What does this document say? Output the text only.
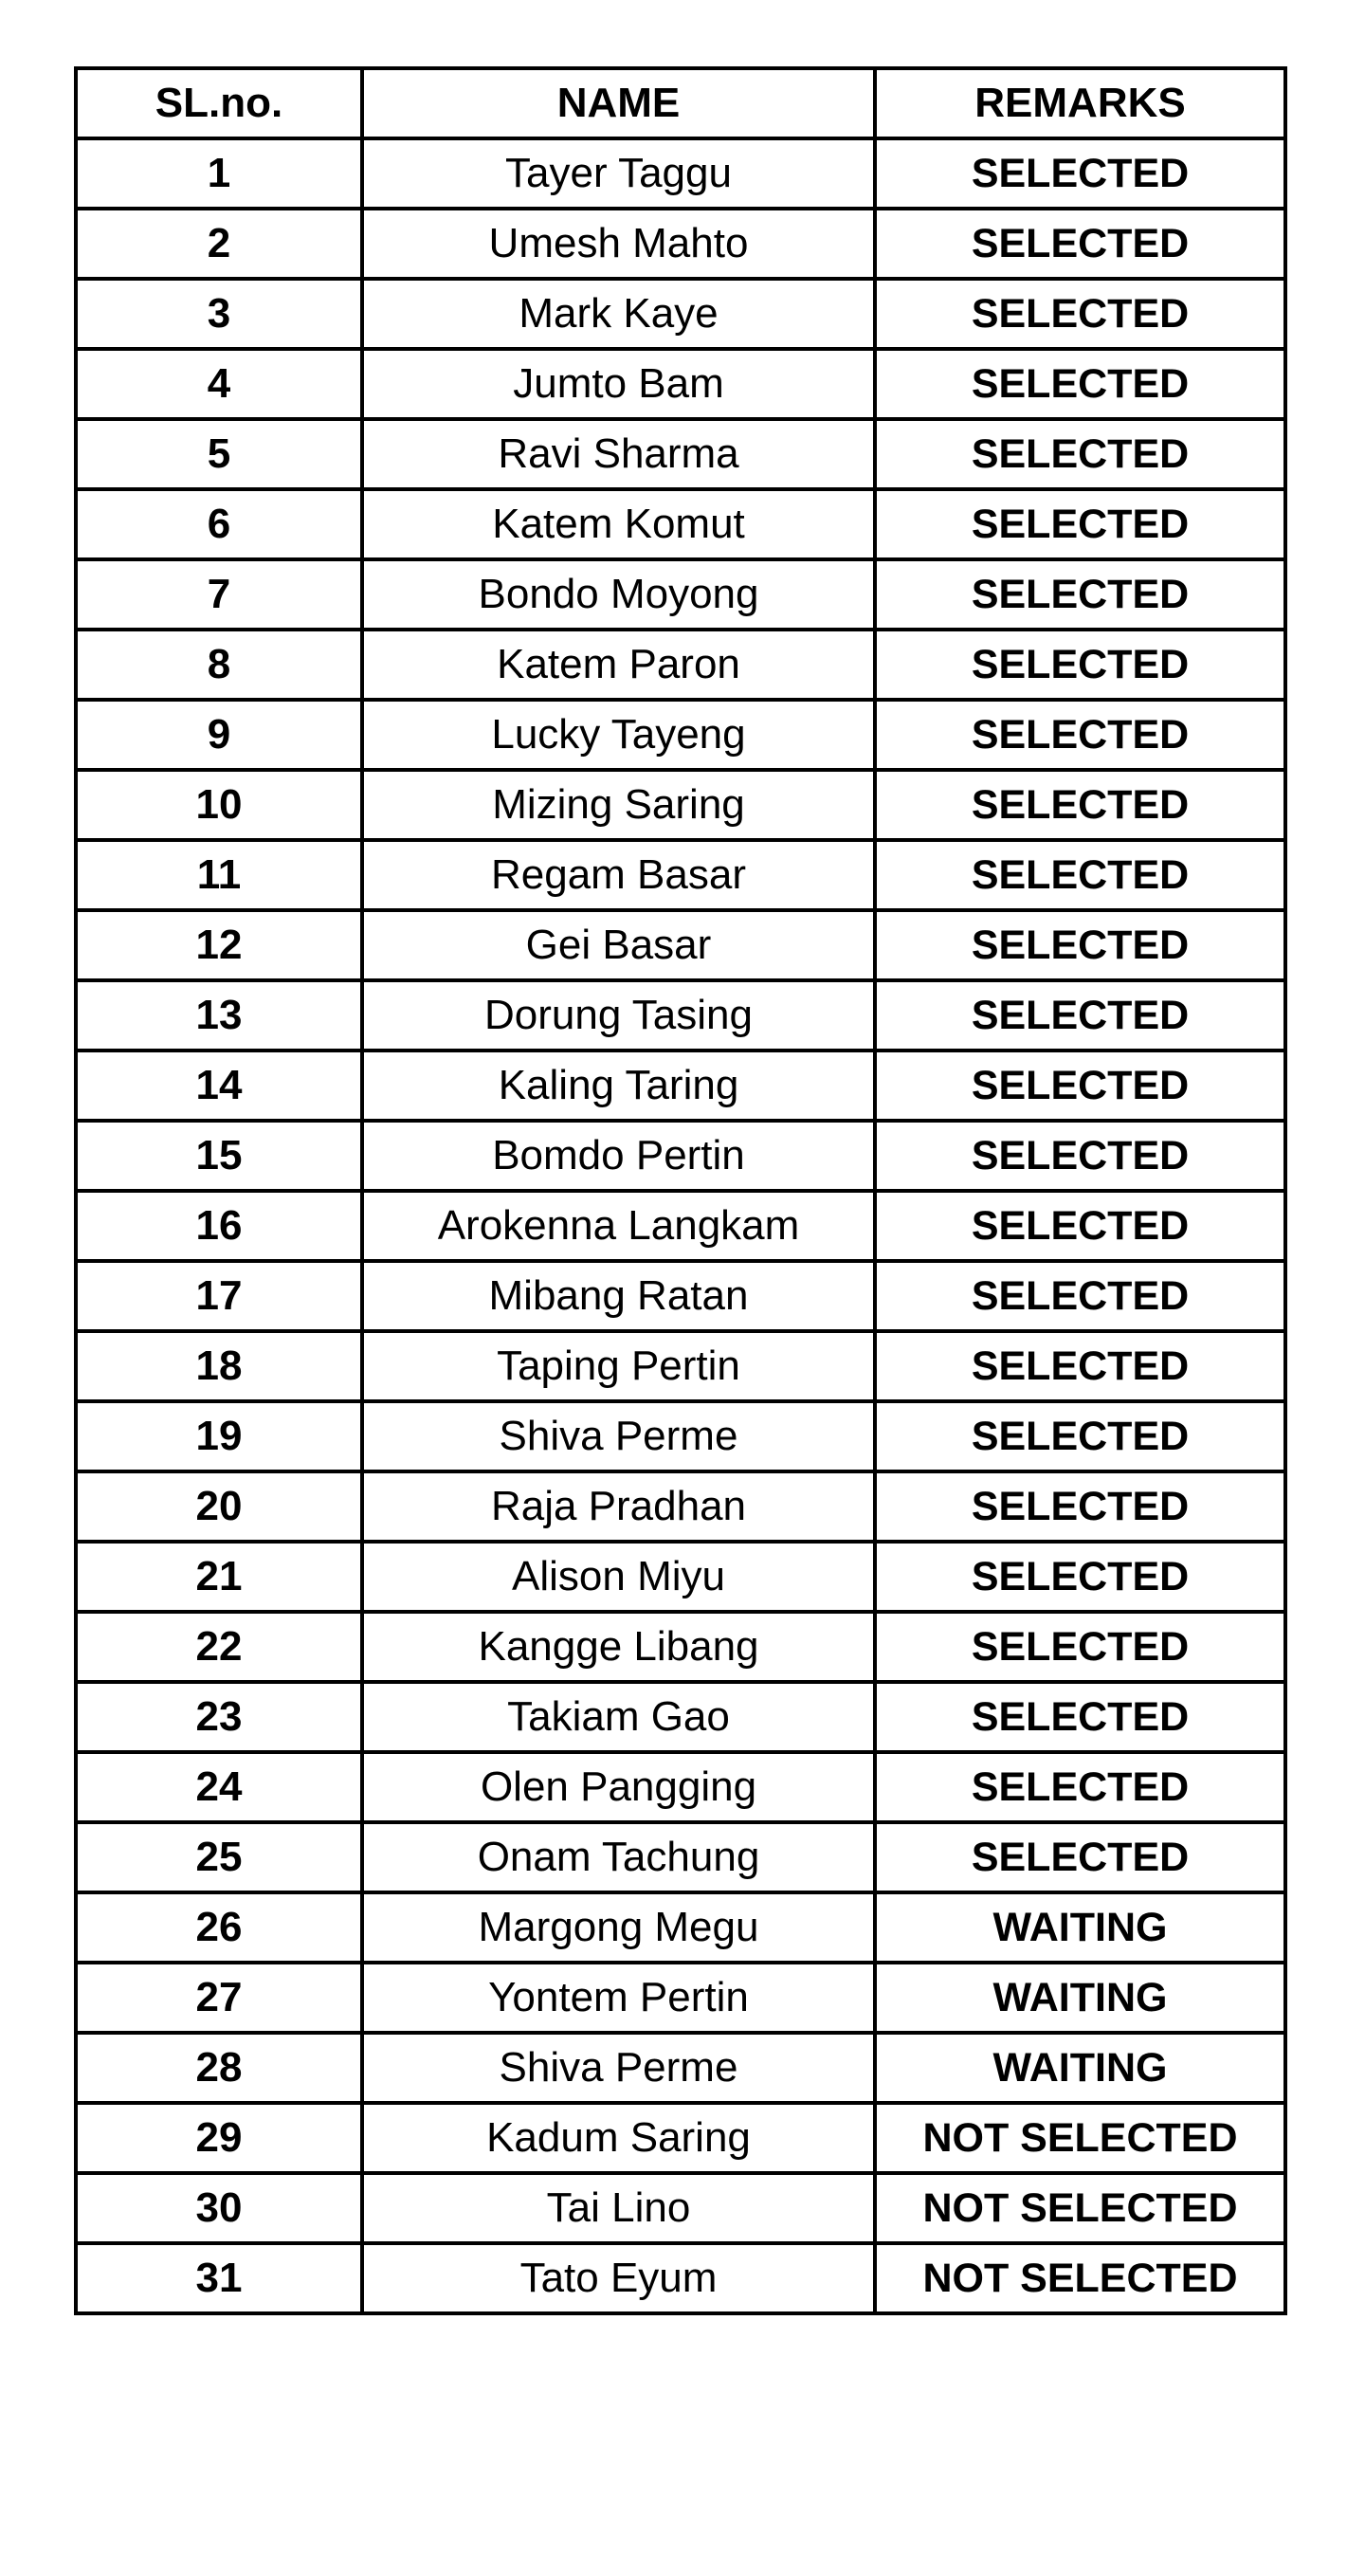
SL.no.	NAME	REMARKS
1	Tayer Taggu	SELECTED
2	Umesh Mahto	SELECTED
3	Mark Kaye	SELECTED
4	Jumto Bam	SELECTED
5	Ravi Sharma	SELECTED
6	Katem Komut	SELECTED
7	Bondo Moyong	SELECTED
8	Katem Paron	SELECTED
9	Lucky Tayeng	SELECTED
10	Mizing Saring	SELECTED
11	Regam Basar	SELECTED
12	Gei Basar	SELECTED
13	Dorung Tasing	SELECTED
14	Kaling Taring	SELECTED
15	Bomdo Pertin	SELECTED
16	Arokenna Langkam	SELECTED
17	Mibang Ratan	SELECTED
18	Taping Pertin	SELECTED
19	Shiva Perme	SELECTED
20	Raja Pradhan	SELECTED
21	Alison Miyu	SELECTED
22	Kangge Libang	SELECTED
23	Takiam Gao	SELECTED
24	Olen Pangging	SELECTED
25	Onam Tachung	SELECTED
26	Margong Megu	WAITING
27	Yontem Pertin	WAITING
28	Shiva Perme	WAITING
29	Kadum Saring	NOT SELECTED
30	Tai Lino	NOT SELECTED
31	Tato Eyum	NOT SELECTED
